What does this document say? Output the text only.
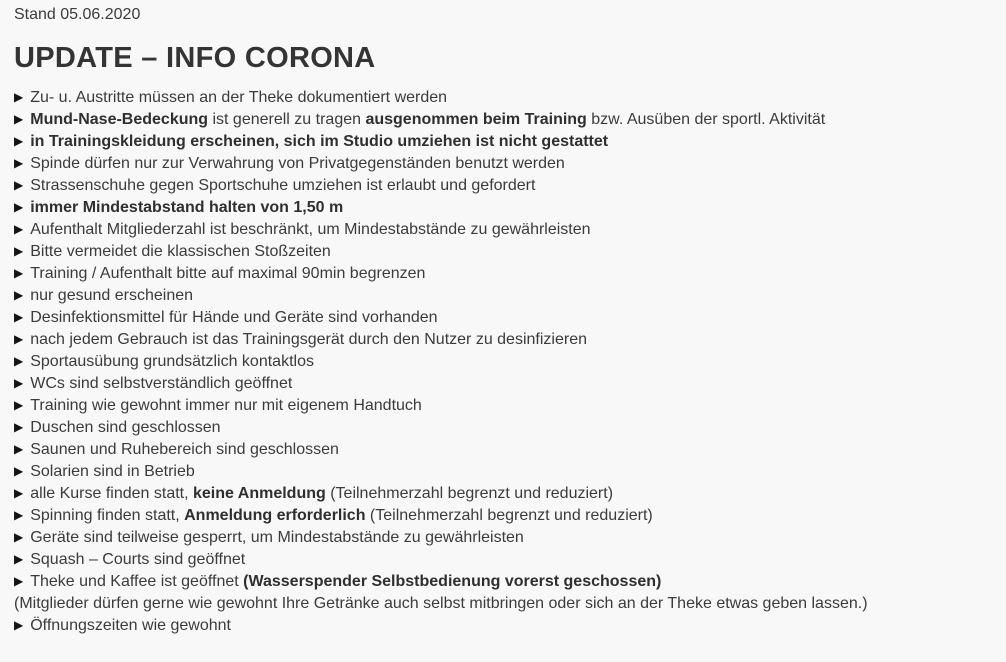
Stand 05.06.2020
UPDATE – INFO CORONA
▶ Zu- u. Austritte müssen an der Theke dokumentiert werden
▶ Mund-Nase-Bedeckung ist generell zu tragen ausgenommen beim Training bzw. Ausüben der sportl. Aktivität
▶ in Trainingskleidung erscheinen, sich im Studio umziehen ist nicht gestattet
▶ Spinde dürfen nur zur Verwahrung von Privatgegenständen benutzt werden
▶ Strassenschuhe gegen Sportschuhe umziehen ist erlaubt und gefordert
▶ immer Mindestabstand halten von 1,50 m
▶ Aufenthalt Mitgliederzahl ist beschränkt, um Mindestabstände zu gewährleisten
▶ Bitte vermeidet die klassischen Stoßzeiten
▶ Training / Aufenthalt bitte auf maximal 90min begrenzen
▶ nur gesund erscheinen
▶ Desinfektionsmittel für Hände und Geräte sind vorhanden
▶ nach jedem Gebrauch ist das Trainingsgerät durch den Nutzer zu desinfizieren
▶ Sportausübung grundsätzlich kontaktlos
▶ WCs sind selbstverständlich geöffnet
▶ Training wie gewohnt immer nur mit eigenem Handtuch
▶ Duschen sind geschlossen
▶ Saunen und Ruhebereich sind geschlossen
▶ Solarien sind in Betrieb
▶ alle Kurse finden statt, keine Anmeldung (Teilnehmerzahl begrenzt und reduziert)
▶ Spinning finden statt, Anmeldung erforderlich (Teilnehmerzahl begrenzt und reduziert)
▶ Geräte sind teilweise gesperrt, um Mindestabstände zu gewährleisten
▶ Squash – Courts sind geöffnet
▶ Theke und Kaffee ist geöffnet (Wasserspender Selbstbedienung vorerst geschossen)
(Mitglieder dürfen gerne wie gewohnt Ihre Getränke auch selbst mitbringen oder sich an der Theke etwas geben lassen.)
▶ Öffnungszeiten wie gewohnt
